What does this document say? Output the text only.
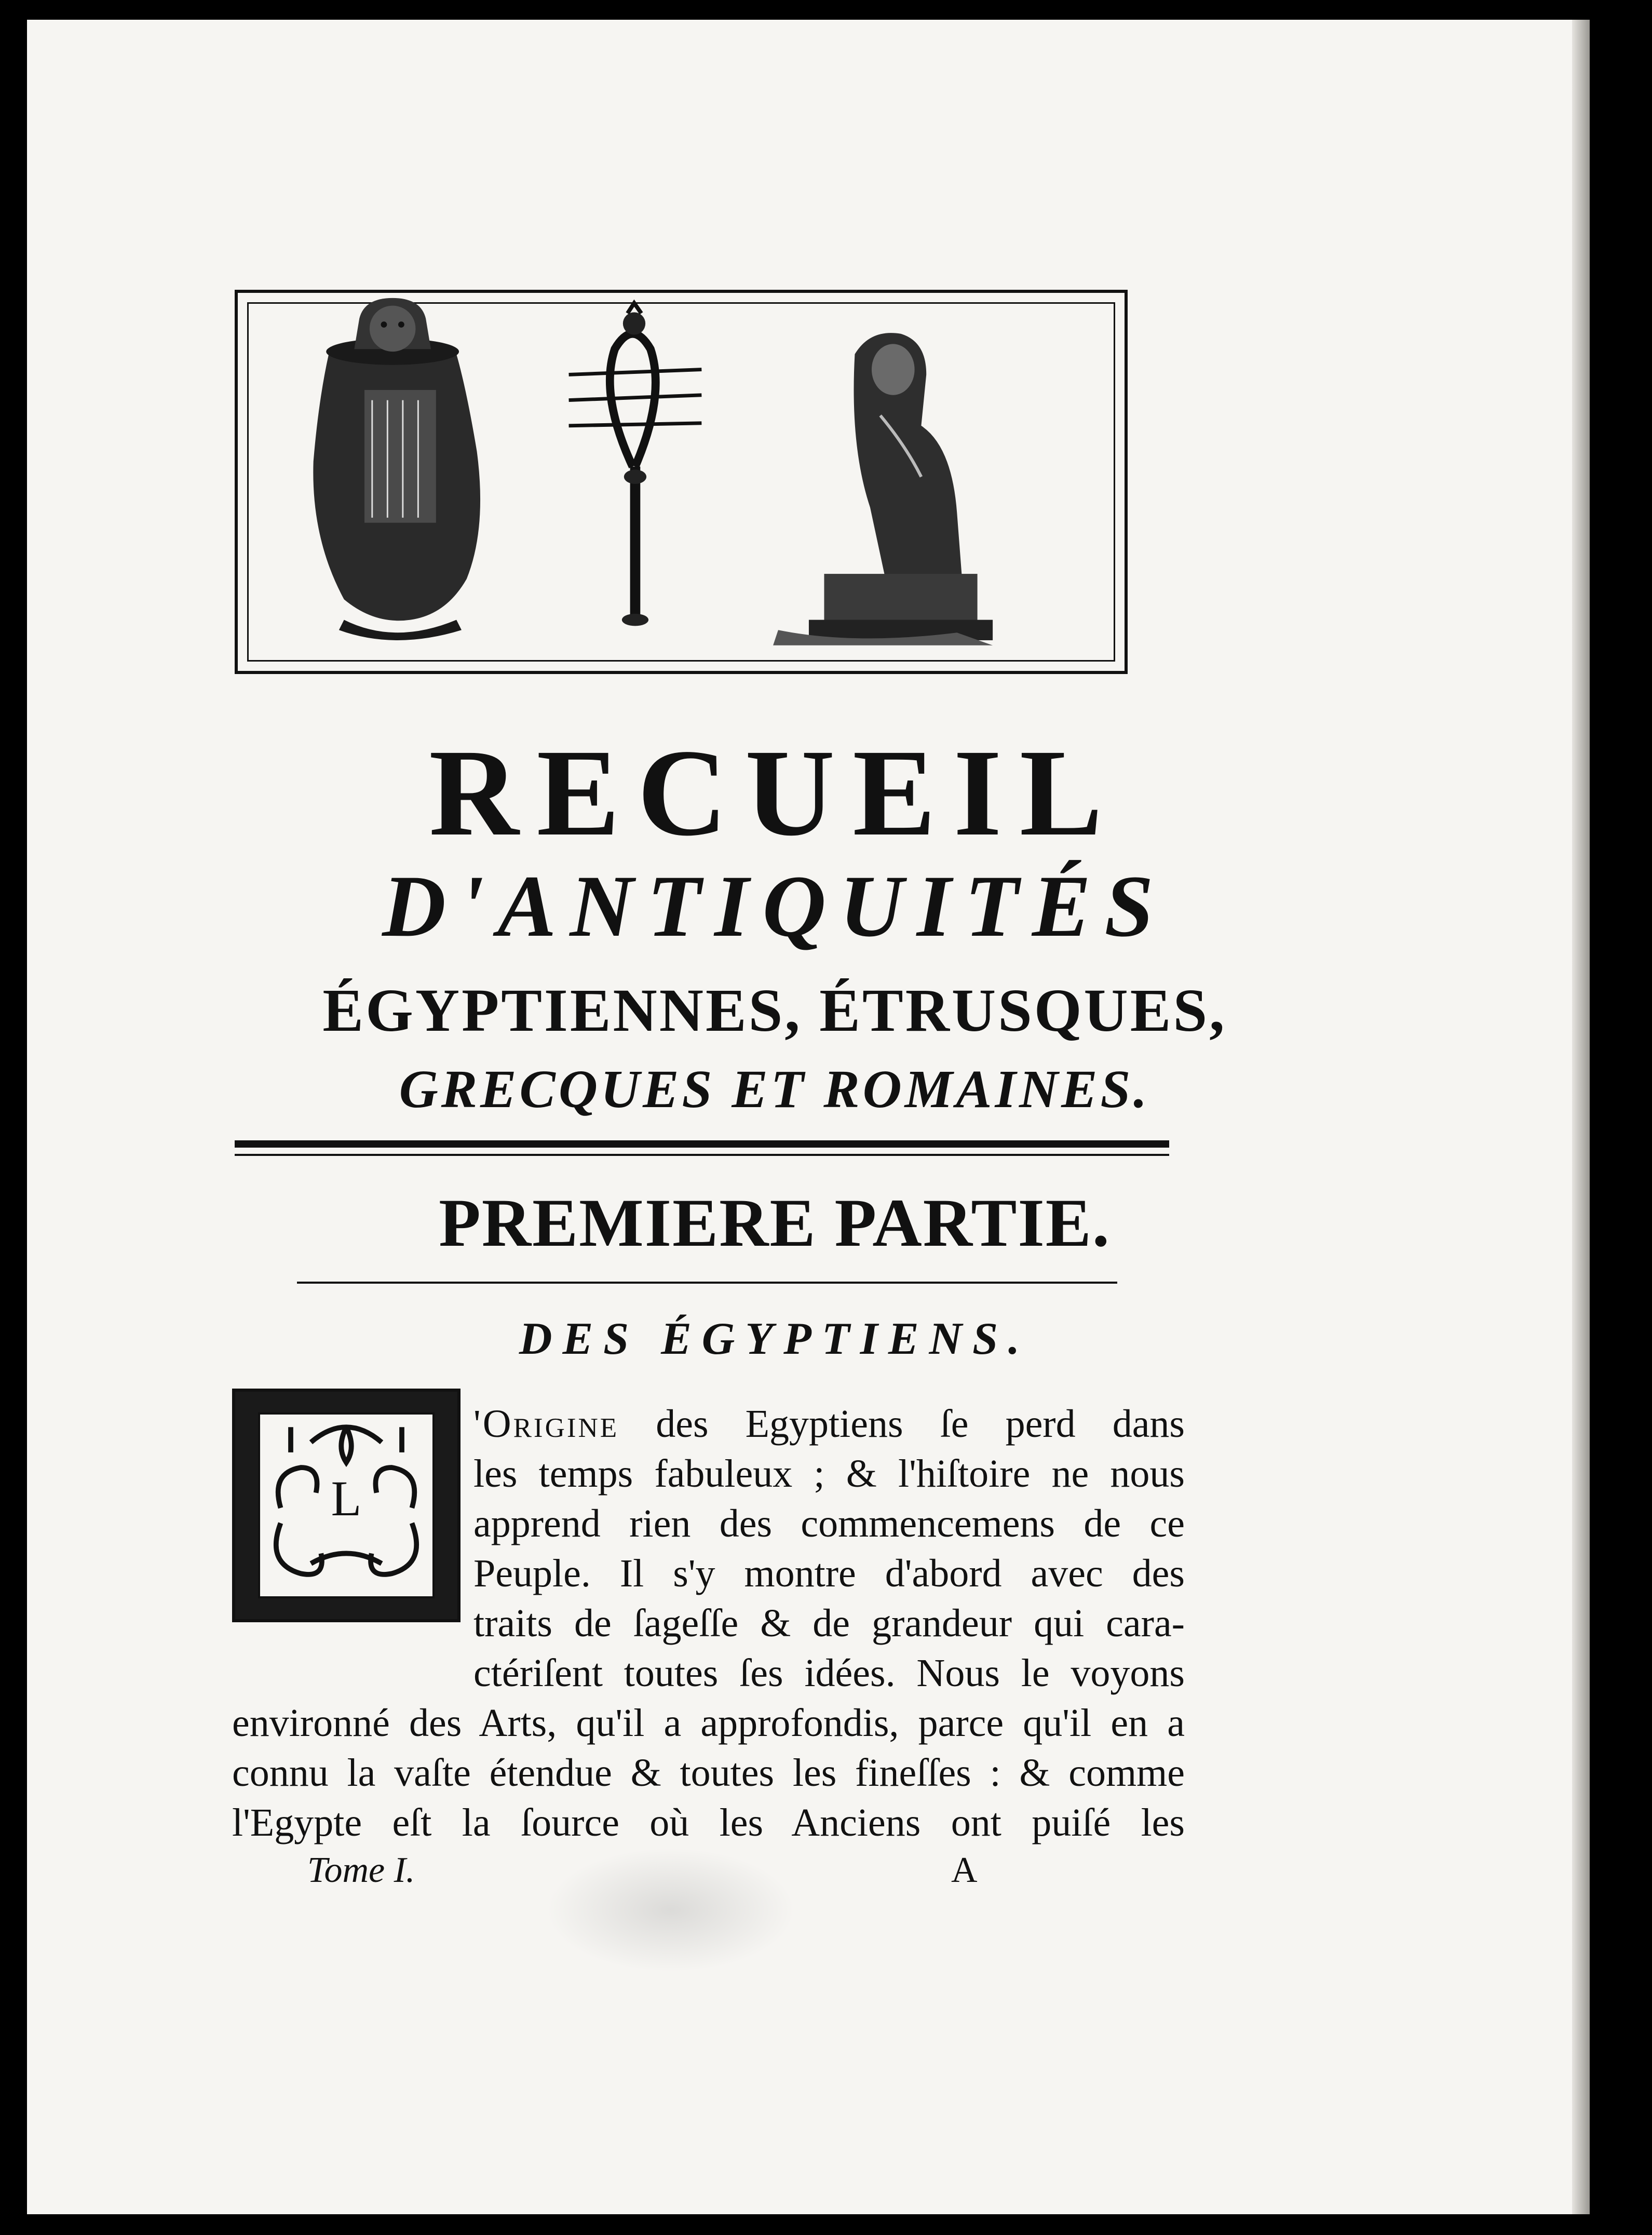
RECUEIL
D'ANTIQUITÉS
ÉGYPTIENNES, ÉTRUSQUES,
GRECQUES ET ROMAINES.
PREMIERE PARTIE.
DES ÉGYPTIENS.
L
'Origine des Egyptiens ſe perd dans
les temps fabuleux ; & l'hiſtoire ne nous
apprend rien des commencemens de ce
Peuple. Il s'y montre d'abord avec des
traits de ſageſſe & de grandeur qui cara-
ctériſent toutes ſes idées. Nous le voyons
environné des Arts, qu'il a approfondis, parce qu'il en a
connu la vaſte étendue & toutes les fineſſes : & comme
l'Egypte eſt la ſource où les Anciens ont puiſé les
Tome I.	A
